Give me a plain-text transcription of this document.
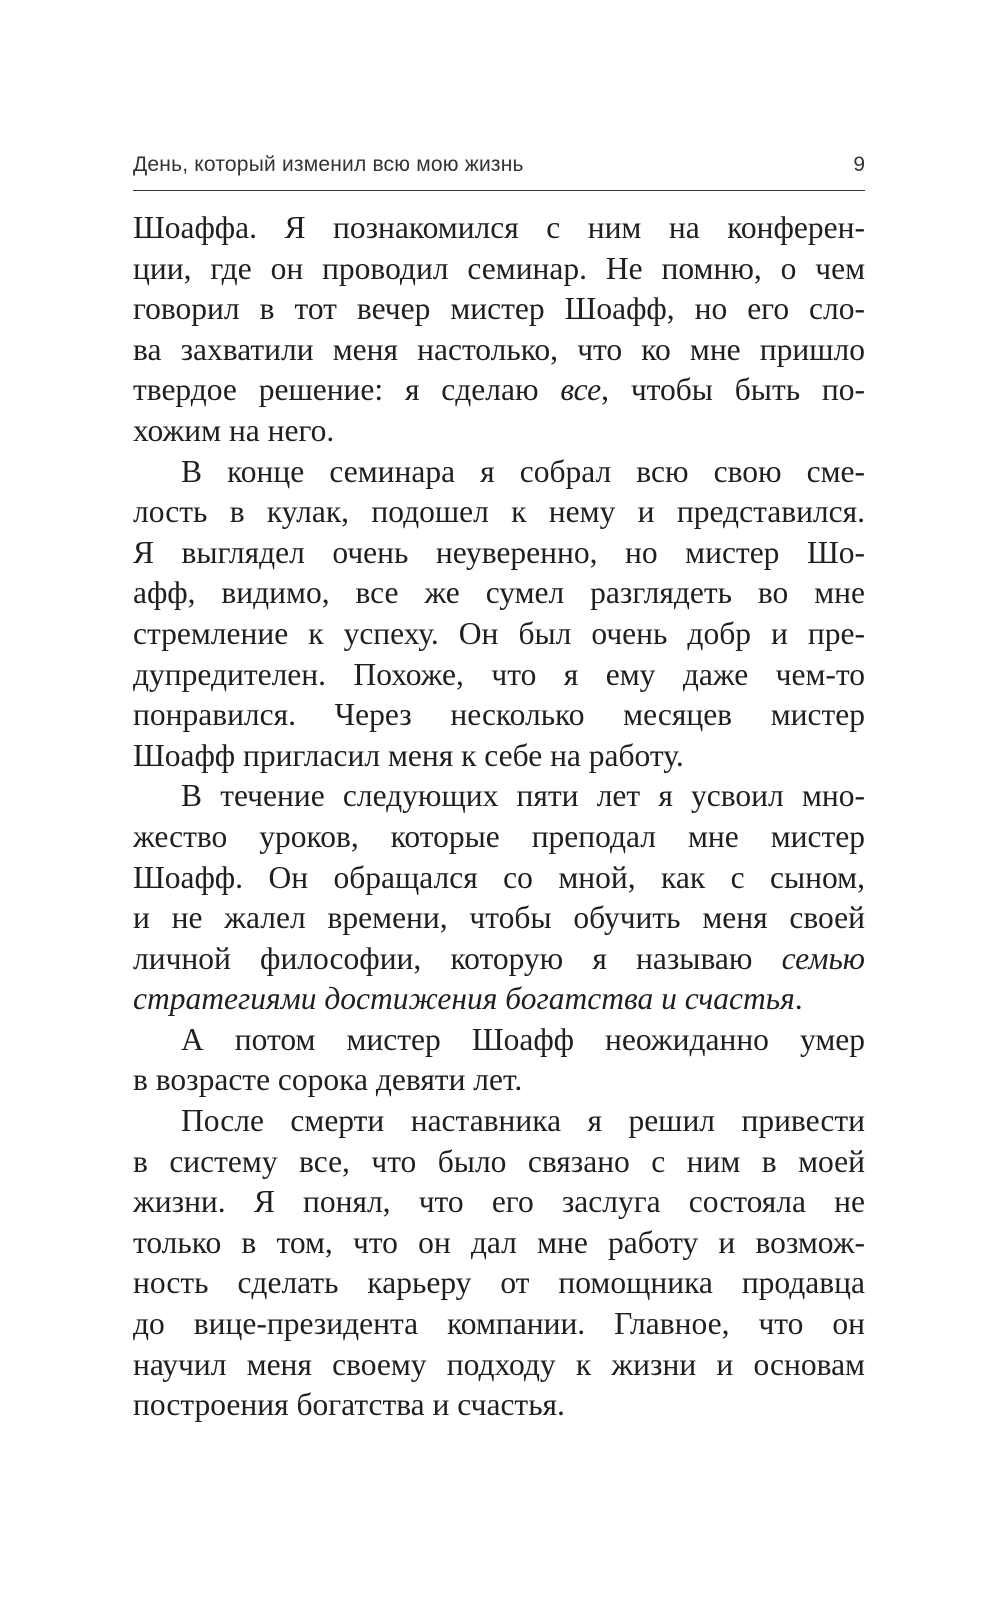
День, который изменил всю мою жизнь	9
Шоаффа. Я познакомился с ним на конферен-
ции, где он проводил семинар. Не помню, о чем
говорил в тот вечер мистер Шоафф, но его сло-
ва захватили меня настолько, что ко мне пришло
твердое решение: я сделаю все, чтобы быть по-
хожим на него.
В конце семинара я собрал всю свою сме-
лость в кулак, подошел к нему и представился.
Я выглядел очень неуверенно, но мистер Шо-
афф, видимо, все же сумел разглядеть во мне
стремление к успеху. Он был очень добр и пре-
дупредителен. Похоже, что я ему даже чем-то
понравился. Через несколько месяцев мистер
Шоафф пригласил меня к себе на работу.
В течение следующих пяти лет я усвоил мно-
жество уроков, которые преподал мне мистер
Шоафф. Он обращался со мной, как с сыном,
и не жалел времени, чтобы обучить меня своей
личной философии, которую я называю семью
стратегиями достижения богатства и счастья.
А потом мистер Шоафф неожиданно умер
в возрасте сорока девяти лет.
После смерти наставника я решил привести
в систему все, что было связано с ним в моей
жизни. Я понял, что его заслуга состояла не
только в том, что он дал мне работу и возмож-
ность сделать карьеру от помощника продавца
до вице-президента компании. Главное, что он
научил меня своему подходу к жизни и основам
построения богатства и счастья.
